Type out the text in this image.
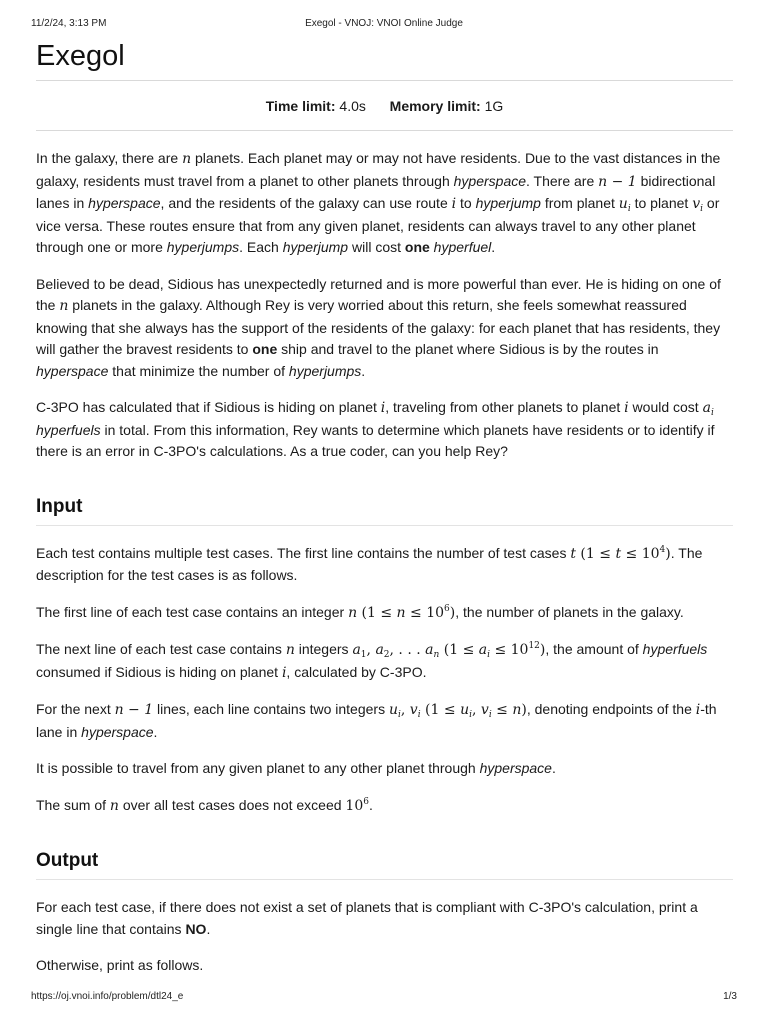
11/2/24, 3:13 PM	Exegol - VNOJ: VNOI Online Judge
Exegol
Time limit: 4.0s Memory limit: 1G

In the galaxy, there are n planets. Each planet may or may not have residents. Due to the vast distances in the galaxy, residents must travel from a planet to other planets through hyperspace. There are n − 1 bidirectional lanes in hyperspace, and the residents of the galaxy can use route i to hyperjump from planet $u_i$ to planet $v_i$ or vice versa. These routes ensure that from any given planet, residents can always travel to any other planet through one or more hyperjumps. Each hyperjump will cost one hyperfuel.

Believed to be dead, Sidious has unexpectedly returned and is more powerful than ever. He is hiding on one of the n planets in the galaxy. Although Rey is very worried about this return, she feels somewhat reassured knowing that she always has the support of the residents of the galaxy: for each planet that has residents, they will gather the bravest residents to one ship and travel to the planet where Sidious is by the routes in hyperspace that minimize the number of hyperjumps.

C-3PO has calculated that if Sidious is hiding on planet i, traveling from other planets to planet i would cost $a_i$ hyperfuels in total. From this information, Rey wants to determine which planets have residents or to identify if there is an error in C-3PO's calculations. As a true coder, can you help Rey?

Input

Each test contains multiple test cases. The first line contains the number of test cases t $(1 \le t \le 10^4)$. The description for the test cases is as follows.

The first line of each test case contains an integer n $(1 \le n \le 10^6)$, the number of planets in the galaxy.

The next line of each test case contains n integers $a_1$, $a_2$, . . . $a_n$ $(1 \le a_i \le 10^{12})$, the amount of hyperfuels consumed if Sidious is hiding on planet i, calculated by C-3PO.

For the next n − 1 lines, each line contains two integers $u_i$, $v_i$ ($1 \le u_i$, $v_i \le n$), denoting endpoints of the i-th lane in hyperspace.

It is possible to travel from any given planet to any other planet through hyperspace.

The sum of n over all test cases does not exceed $10^6$.

Output

For each test case, if there does not exist a set of planets that is compliant with C-3PO's calculation, print a single line that contains NO.

Otherwise, print as follows.

https://oj.vnoi.info/problem/dtl24_e	1/3
